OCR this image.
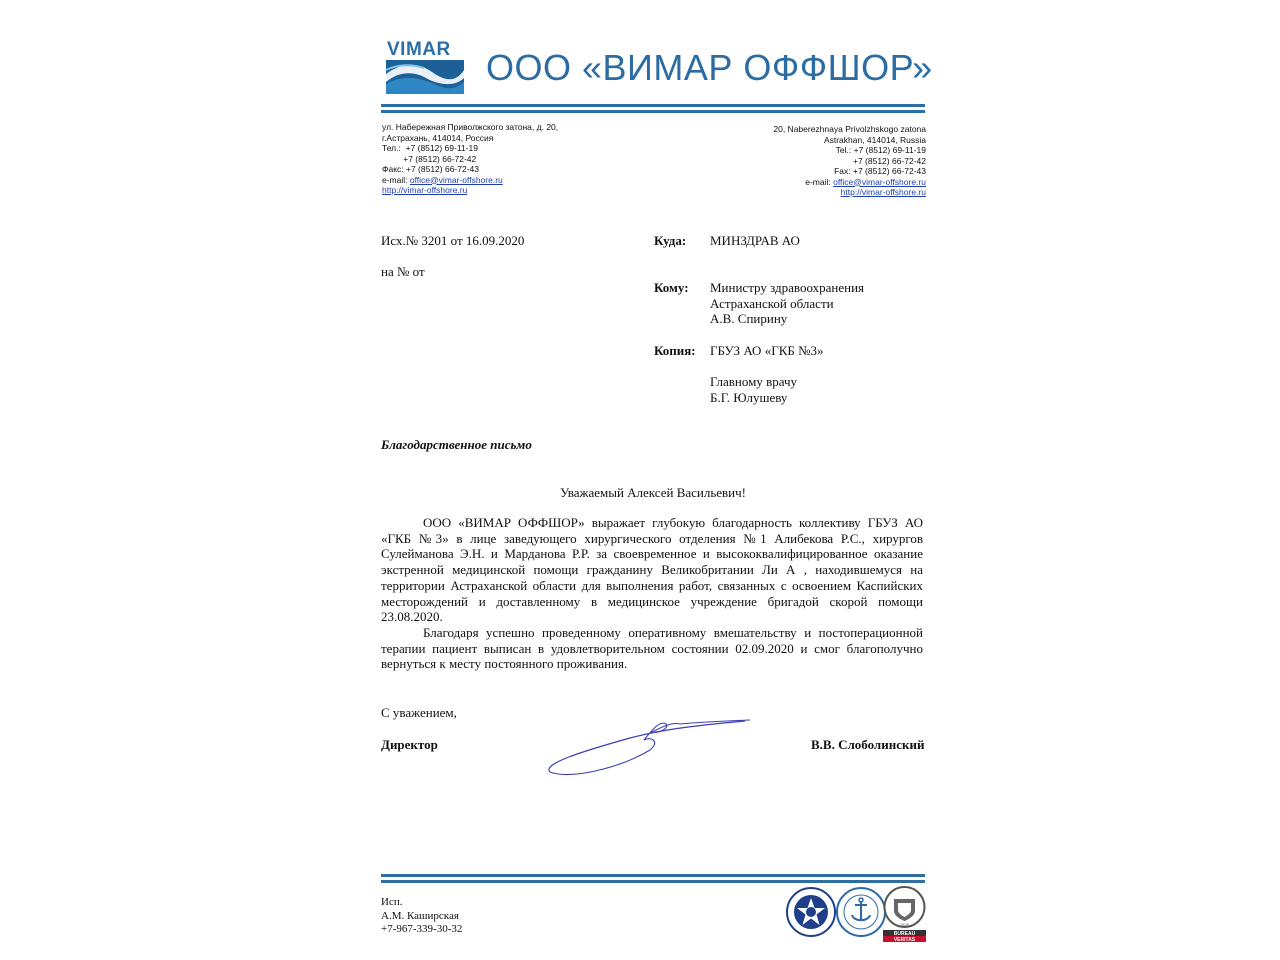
VIMAR ООО «ВИМАР ОФФШОР»
ул. Набережная Приволжского затона, д. 20,
г.Астрахань, 414014, Россия
Тел.:  +7 (8512) 69-11-19
+7 (8512) 66-72-42
Факс: +7 (8512) 66-72-43
e-mail: office@vimar-offshore.ru
http://vimar-offshore.ru
20, Naberezhnaya Privolzhskogo zatona
Astrakhan, 414014, Russia
Tel.: +7 (8512) 69-11-19
+7 (8512) 66-72-42
Fax: +7 (8512) 66-72-43
e-mail: office@vimar-offshore.ru
http://vimar-offshore.ru
Исх.№ 3201 от 16.09.2020
на № от
Куда: МИНЗДРАВ АО
Кому: Министру здравоохранения
Астраханской области
А.В. Спирину
Копия: ГБУЗ АО «ГКБ №3»
Главному врачу
Б.Г. Юлушеву
Благодарственное письмо
Уважаемый Алексей Васильевич!

ООО «ВИМАР ОФФШОР» выражает глубокую благодарность коллективу ГБУЗ АО «ГКБ №3» в лице заведующего хирургического отделения №1 Алибекова Р.С., хирургов Сулейманова Э.Н. и Марданова Р.Р. за своевременное и высококвалифицированное оказание экстренной медицинской помощи гражданину Великобритании Ли А , находившемуся на территории Астраханской области для выполнения работ, связанных с освоением Каспийских месторождений и доставленному в медицинское учреждение бригадой скорой помощи 23.08.2020.

Благодаря успешно проведенному оперативному вмешательству и постоперационной терапии пациент выписан в удовлетворительном состоянии 02.09.2020 и смог благополучно вернуться к месту постоянного проживания.

С уважением,
Директор	В.В. Слоболинский
Исп.
А.М. Каширская
+7-967-339-30-32	1828
BUREAU
VERITAS
